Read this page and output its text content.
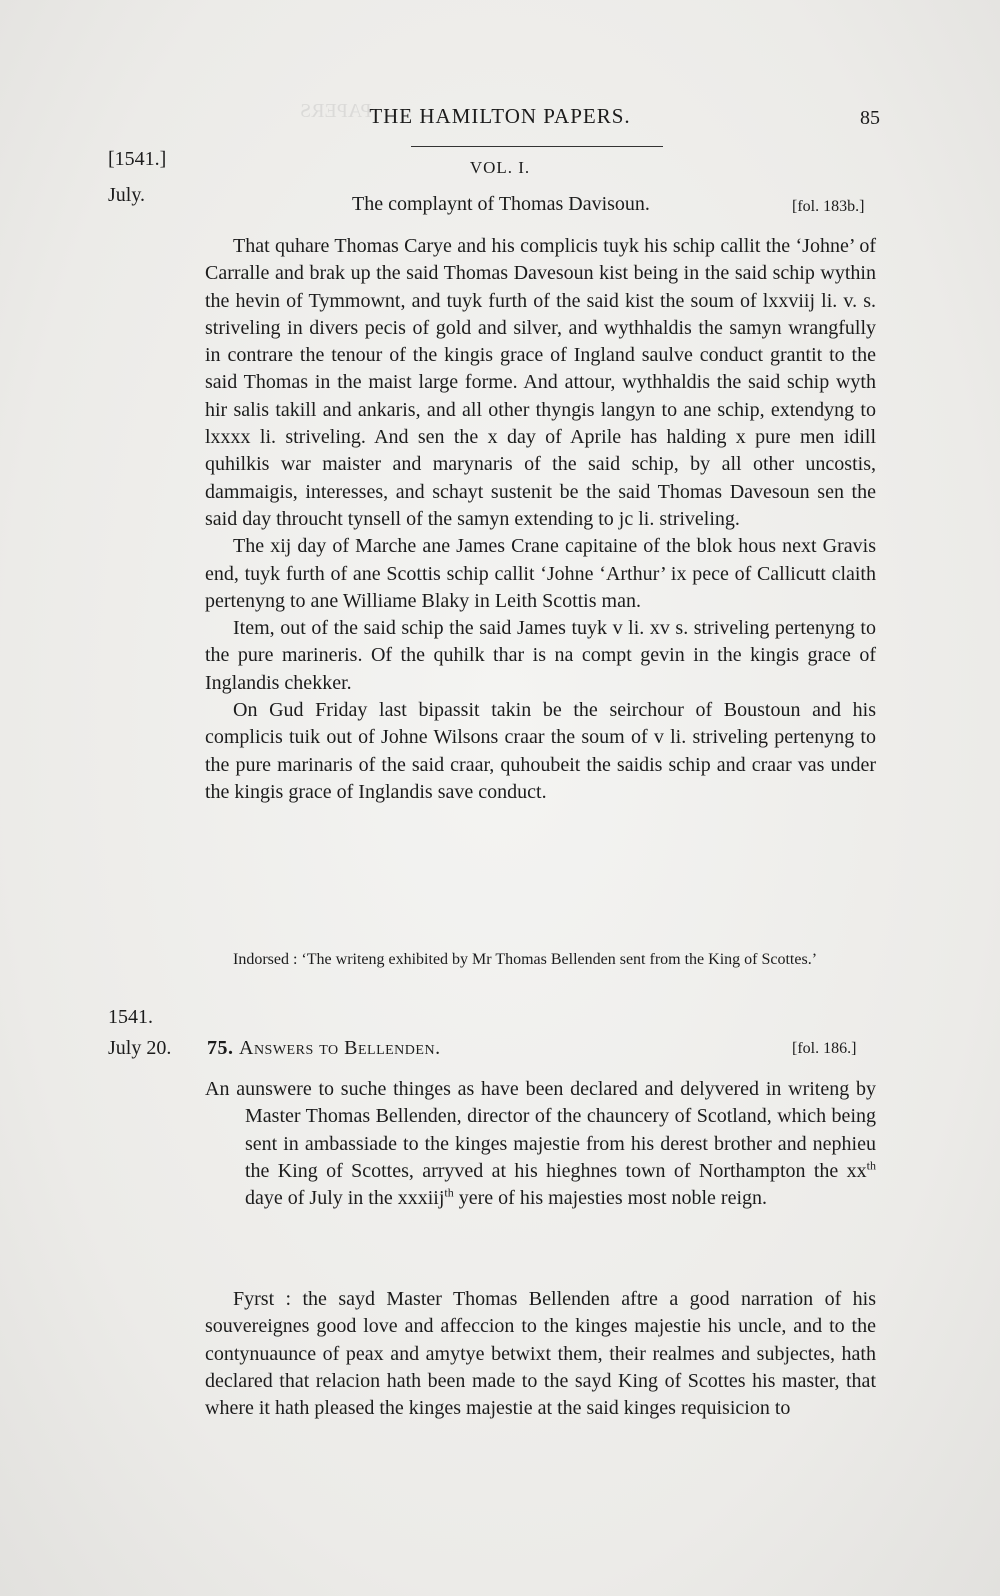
PAPERS
THE HAMILTON PAPERS.	85
VOL. I.
[1541.]
July.	The complaynt of Thomas Davisoun.	[fol. 183b.]

That quhare Thomas Carye and his complicis tuyk his schip callit the ‘Johne’ of Carralle and brak up the said Thomas Davesoun kist being in the said schip wythin the hevin of Tymmownt, and tuyk furth of the said kist the soum of lxxviij li. v. s. striveling in divers pecis of gold and silver, and wythhaldis the samyn wrangfully in contrare the tenour of the kingis grace of Ingland saulve conduct grantit to the said Thomas in the maist large forme. And attour, wythhaldis the said schip wyth hir salis takill and ankaris, and all other thyngis langyn to ane schip, extendyng to lxxxx li. striveling. And sen the x day of Aprile has halding x pure men idill quhilkis war maister and marynaris of the said schip, by all other uncostis, dammaigis, interesses, and schayt sustenit be the said Thomas Davesoun sen the said day throucht tynsell of the samyn extending to jc li. striveling.

The xij day of Marche ane James Crane capitaine of the blok hous next Gravis end, tuyk furth of ane Scottis schip callit ‘Johne ‘Arthur’ ix pece of Callicutt claith pertenyng to ane Williame Blaky in Leith Scottis man.

Item, out of the said schip the said James tuyk v li. xv s. striveling pertenyng to the pure marineris. Of the quhilk thar is na compt gevin in the kingis grace of Inglandis chekker.

On Gud Friday last bipassit takin be the seirchour of Boustoun and his complicis tuik out of Johne Wilsons craar the soum of v li. striveling pertenyng to the pure marinaris of the said craar, quhoubeit the saidis schip and craar vas under the kingis grace of Inglandis save conduct.

Indorsed : ‘The writeng exhibited by Mr Thomas Bellenden sent from the King of Scottes.’

1541.
July 20. 75. Answers to Bellenden.	[fol. 186.]
An aunswere to suche thinges as have been declared and delyvered in writeng by Master Thomas Bellenden, director of the chauncery of Scotland, which being sent in ambassiade to the kinges majestie from his derest brother and nephieu the King of Scottes, arryved at his hieghnes town of Northampton the $xx^{th}$ daye of July in the xxxiij$^{th}$ yere of his majesties most noble reign.

Fyrst : the sayd Master Thomas Bellenden aftre a good narration of his souvereignes good love and affeccion to the kinges majestie his uncle, and to the contynuaunce of peax and amytye betwixt them, their realmes and subjectes, hath declared that relacion hath been made to the sayd King of Scottes his master, that where it hath pleased the kinges majestie at the said kinges requisicion to
